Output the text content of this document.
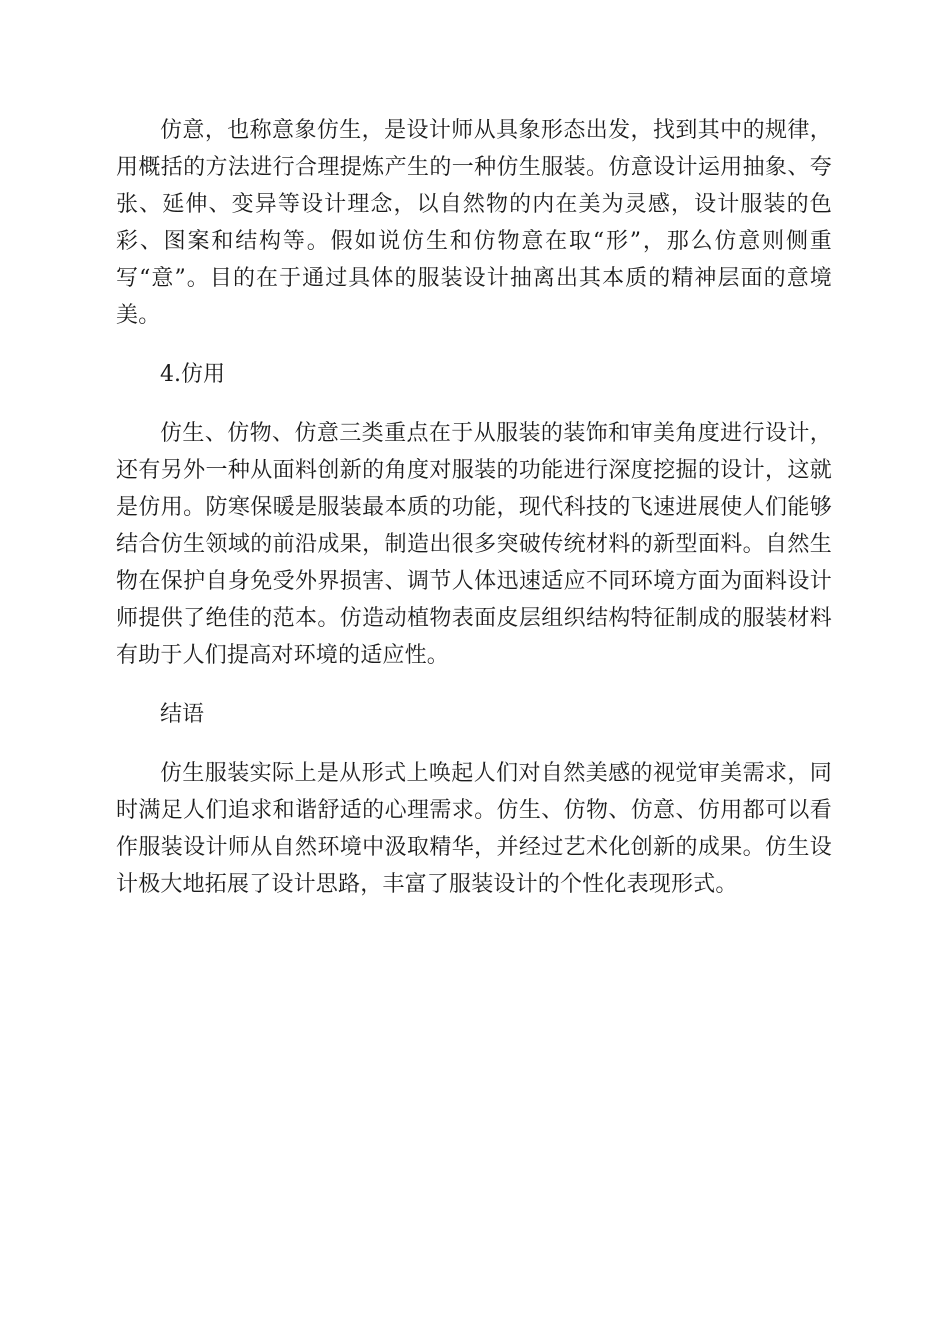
仿意，也称意象仿生，是设计师从具象形态出发，找到其中的规律，用概括的方法进行合理提炼产生的一种仿生服装。仿意设计运用抽象、夸张、延伸、变异等设计理念，以自然物的内在美为灵感，设计服装的色彩、图案和结构等。假如说仿生和仿物意在取“形”，那么仿意则侧重写“意”。目的在于通过具体的服装设计抽离出其本质的精神层面的意境美。

4.仿用

仿生、仿物、仿意三类重点在于从服装的装饰和审美角度进行设计，还有另外一种从面料创新的角度对服装的功能进行深度挖掘的设计，这就是仿用。防寒保暖是服装最本质的功能，现代科技的飞速进展使人们能够结合仿生领域的前沿成果，制造出很多突破传统材料的新型面料。自然生物在保护自身免受外界损害、调节人体迅速适应不同环境方面为面料设计师提供了绝佳的范本。仿造动植物表面皮层组织结构特征制成的服装材料有助于人们提高对环境的适应性。

结语

仿生服装实际上是从形式上唤起人们对自然美感的视觉审美需求，同时满足人们追求和谐舒适的心理需求。仿生、仿物、仿意、仿用都可以看作服装设计师从自然环境中汲取精华，并经过艺术化创新的成果。仿生设计极大地拓展了设计思路，丰富了服装设计的个性化表现形式。
